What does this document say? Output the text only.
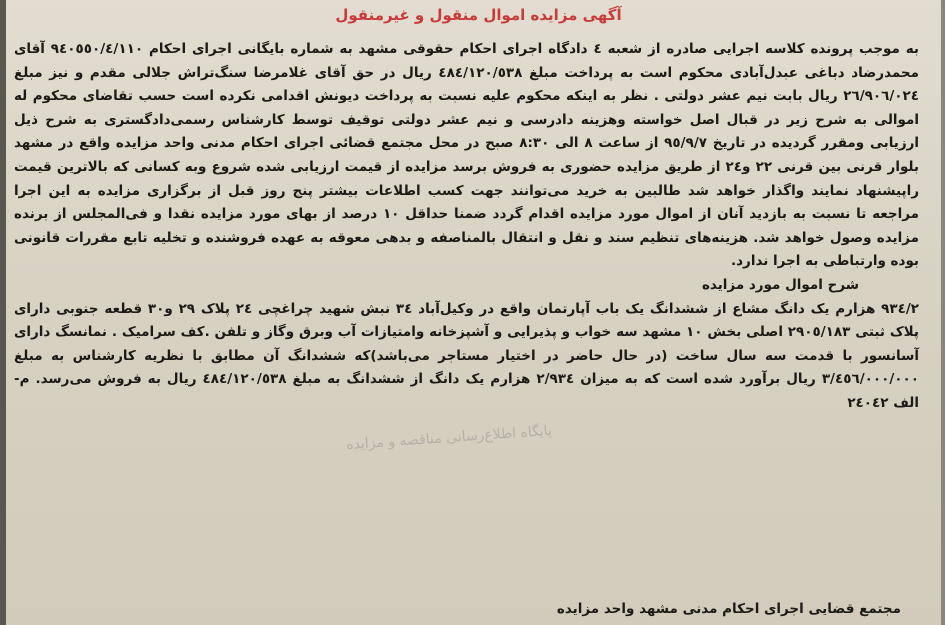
آگهی مزایده اموال منقول و غیرمنقول

به موجب پرونده کلاسه اجرایی صادره از شعبه ٤ دادگاه اجرای احکام حقوقی مشهد به شماره بایگانی اجرای احکام ٩٤٠٥٥٠/٤/١١٠ آقای محمدرضاد دباغی عبدل‌آبادی محکوم است به پرداخت مبلغ ٤٨٤/١٢٠/٥٣٨ ریال در حق آقای غلامرضا سنگ‌تراش جلالی مقدم و نیز مبلغ ٢٦/٩٠٦/٠٢٤ ریال بابت نیم عشر دولتی . نظر به اینکه محکوم علیه نسبت به پرداخت دیونش اقدامی نکرده است حسب تقاضای محکوم له اموالی به شرح زیر در قبال اصل خواسته وهزینه دادرسی و نیم عشر دولتی توقیف توسط کارشناس رسمی‌دادگستری به شرح ذیل ارزیابی ومقرر گردیده در تاریخ ٩٥/٩/٧ از ساعت ٨ الی ٨:٣٠ صبح در محل مجتمع قضائی اجرای احکام مدنی واحد مزایده واقع در مشهد بلوار قرنی بین قرنی ٢٢ و٢٤ از طریق مزایده حضوری به فروش برسد مزایده از قیمت ارزیابی شده شروع وبه کسانی که بالاترین قیمت راپیشنهاد نمایند واگذار خواهد شد طالبین به خرید می‌توانند جهت کسب اطلاعات بیشتر پنج روز قبل از برگزاری مزایده به این اجرا مراجعه تا نسبت به بازدید آنان از اموال مورد مزایده اقدام گردد ضمنا حداقل ١٠ درصد از بهای مورد مزایده نقدا و فی‌المجلس از برنده مزایده وصول خواهد شد. هزینه‌های تنظیم سند و نقل و انتقال بالمناصفه و بدهی معوقه به عهده فروشنده و تخلیه تابع مقررات قانونی بوده وارتباطی به اجرا ندارد.

شرح اموال مورد مزایده

٩٣٤/٢ هزارم یک دانگ مشاع از ششدانگ یک باب آپارتمان واقع در وکیل‌آباد ٣٤ نبش شهید چراغچی ٢٤ پلاک ٢٩ و٣٠ قطعه جنوبی دارای پلاک ثبتی ٢٩٠٥/١٨٣ اصلی بخش ١٠ مشهد سه خواب و پذیرایی و آشپزخانه وامتیازات آب وبرق وگاز و تلفن .کف سرامیک . نمانسگ دارای آسانسور با قدمت سه سال ساخت (در حال حاضر در اختیار مستاجر می‌باشد)که ششدانگ آن مطابق با نظریه کارشناس به مبلغ ٣/٤٥٦/٠٠٠/٠٠٠ ریال برآورد شده است که به میزان ٢/٩٣٤ هزارم یک دانگ از ششدانگ به مبلغ ٤٨٤/١٢٠/٥٣٨ ریال به فروش می‌رسد. م- الف ٢٤٠٤٢

پایگاه اطلاع‌رسانی مناقصه و مزایده
مجتمع قضایی اجرای احکام مدنی مشهد واحد مزایده
